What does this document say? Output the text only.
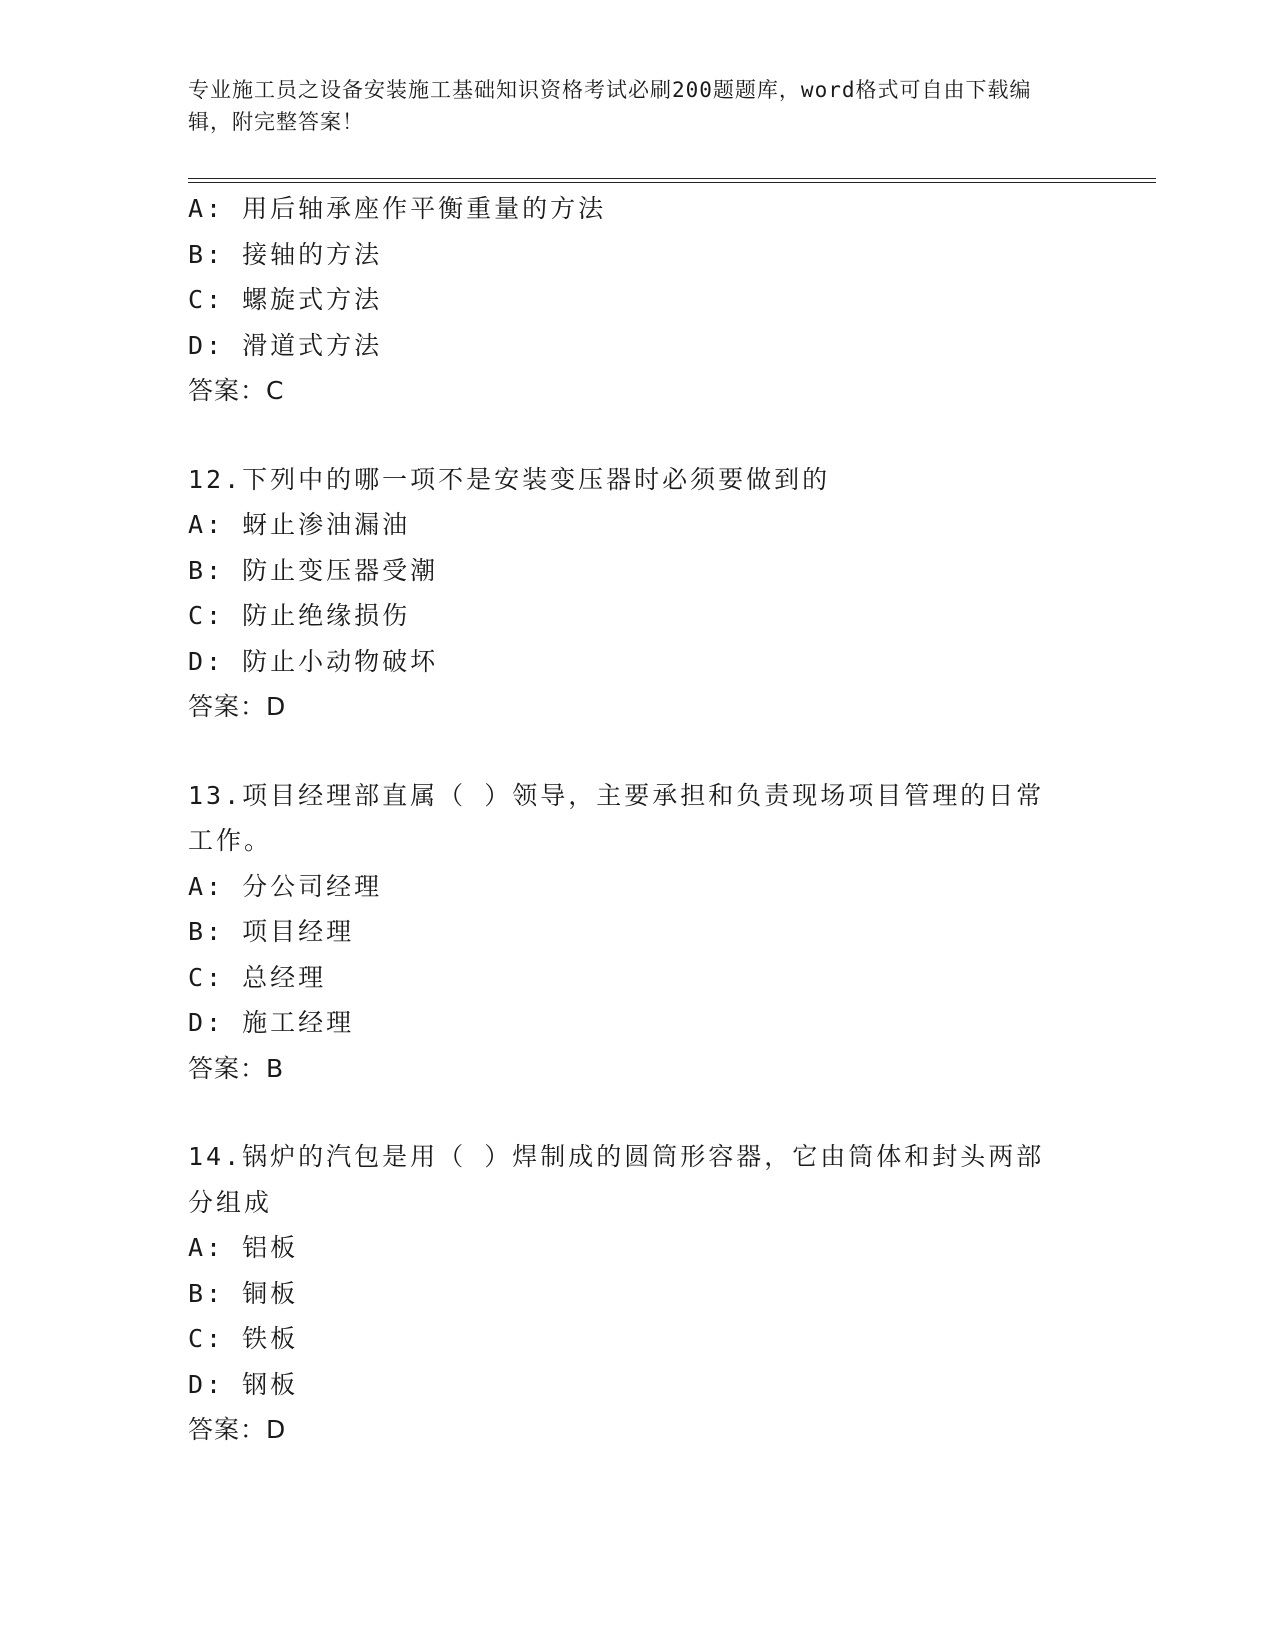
专业施工员之设备安装施工基础知识资格考试必刷200题题库，word格式可自由下载编辑，附完整答案！

A: 用后轴承座作平衡重量的方法

B: 接轴的方法

C: 螺旋式方法

D: 滑道式方法

答案：C

12.下列中的哪一项不是安装变压器时必须要做到的

A: 蚜止渗油漏油

B: 防止变压器受潮

C: 防止绝缘损伤

D: 防止小动物破坏

答案：D

13.项目经理部直属（ ）领导，主要承担和负责现场项目管理的日常工作。

A: 分公司经理

B: 项目经理

C: 总经理

D: 施工经理

答案：B

14.锅炉的汽包是用（ ）焊制成的圆筒形容器，它由筒体和封头两部分组成

A: 铝板

B: 铜板

C: 铁板

D: 钢板

答案：D
